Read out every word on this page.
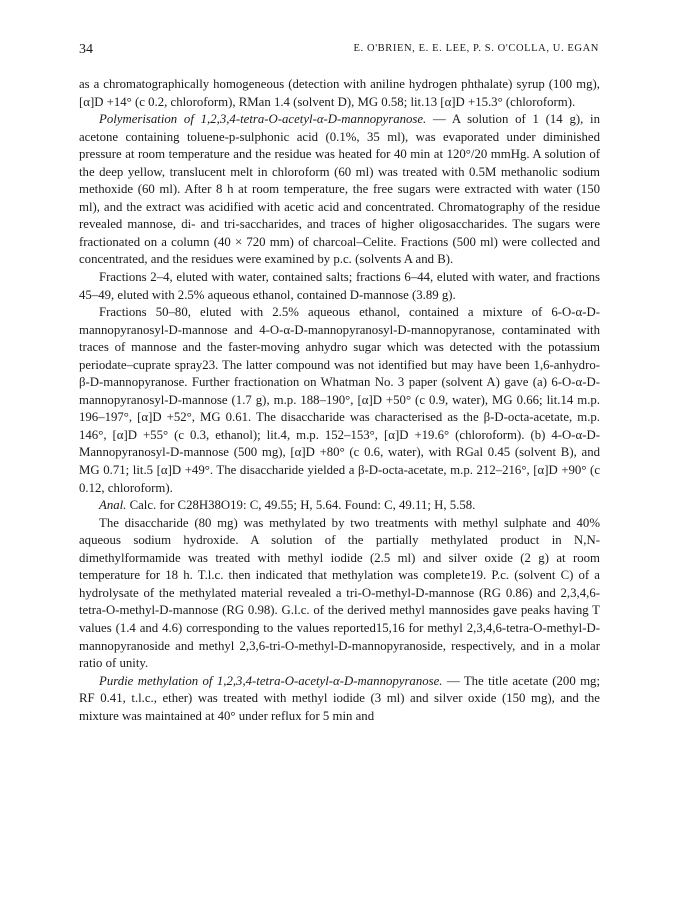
34	E. O'BRIEN, E. E. LEE, P. S. O'COLLA, U. EGAN

as a chromatographically homogeneous (detection with aniline hydrogen phthalate) syrup (100 mg), [α]D +14° (c 0.2, chloroform), RMan 1.4 (solvent D), MG 0.58; lit.13 [α]D +15.3° (chloroform).

Polymerisation of 1,2,3,4-tetra-O-acetyl-α-D-mannopyranose. — A solution of 1 (14 g), in acetone containing toluene-p-sulphonic acid (0.1%, 35 ml), was evaporated under diminished pressure at room temperature and the residue was heated for 40 min at 120°/20 mmHg. A solution of the deep yellow, translucent melt in chloroform (60 ml) was treated with 0.5M methanolic sodium methoxide (60 ml). After 8 h at room temperature, the free sugars were extracted with water (150 ml), and the extract was acidified with acetic acid and concentrated. Chromatography of the residue revealed mannose, di- and tri-saccharides, and traces of higher oligosaccharides. The sugars were fractionated on a column (40 × 720 mm) of charcoal–Celite. Fractions (500 ml) were collected and concentrated, and the residues were examined by p.c. (solvents A and B).

Fractions 2–4, eluted with water, contained salts; fractions 6–44, eluted with water, and fractions 45–49, eluted with 2.5% aqueous ethanol, contained D-mannose (3.89 g).

Fractions 50–80, eluted with 2.5% aqueous ethanol, contained a mixture of 6-O-α-D-mannopyranosyl-D-mannose and 4-O-α-D-mannopyranosyl-D-mannopyranose, contaminated with traces of mannose and the faster-moving anhydro sugar which was detected with the potassium periodate–cuprate spray23. The latter compound was not identified but may have been 1,6-anhydro-β-D-mannopyranose. Further fractionation on Whatman No. 3 paper (solvent A) gave (a) 6-O-α-D-mannopyranosyl-D-mannose (1.7 g), m.p. 188–190°, [α]D +50° (c 0.9, water), MG 0.66; lit.14 m.p. 196–197°, [α]D +52°, MG 0.61. The disaccharide was characterised as the β-D-octa-acetate, m.p. 146°, [α]D +55° (c 0.3, ethanol); lit.4, m.p. 152–153°, [α]D +19.6° (chloroform). (b) 4-O-α-D-Mannopyranosyl-D-mannose (500 mg), [α]D +80° (c 0.6, water), with RGal 0.45 (solvent B), and MG 0.71; lit.5 [α]D +49°. The disaccharide yielded a β-D-octa-acetate, m.p. 212–216°, [α]D +90° (c 0.12, chloroform).

Anal. Calc. for C28H38O19: C, 49.55; H, 5.64. Found: C, 49.11; H, 5.58.

The disaccharide (80 mg) was methylated by two treatments with methyl sulphate and 40% aqueous sodium hydroxide. A solution of the partially methylated product in N,N-dimethylformamide was treated with methyl iodide (2.5 ml) and silver oxide (2 g) at room temperature for 18 h. T.l.c. then indicated that methylation was complete19. P.c. (solvent C) of a hydrolysate of the methylated material revealed a tri-O-methyl-D-mannose (RG 0.86) and 2,3,4,6-tetra-O-methyl-D-mannose (RG 0.98). G.l.c. of the derived methyl mannosides gave peaks having T values (1.4 and 4.6) corresponding to the values reported15,16 for methyl 2,3,4,6-tetra-O-methyl-D-mannopyranoside and methyl 2,3,6-tri-O-methyl-D-mannopyranoside, respectively, and in a molar ratio of unity.

Purdie methylation of 1,2,3,4-tetra-O-acetyl-α-D-mannopyranose. — The title acetate (200 mg; RF 0.41, t.l.c., ether) was treated with methyl iodide (3 ml) and silver oxide (150 mg), and the mixture was maintained at 40° under reflux for 5 min and
